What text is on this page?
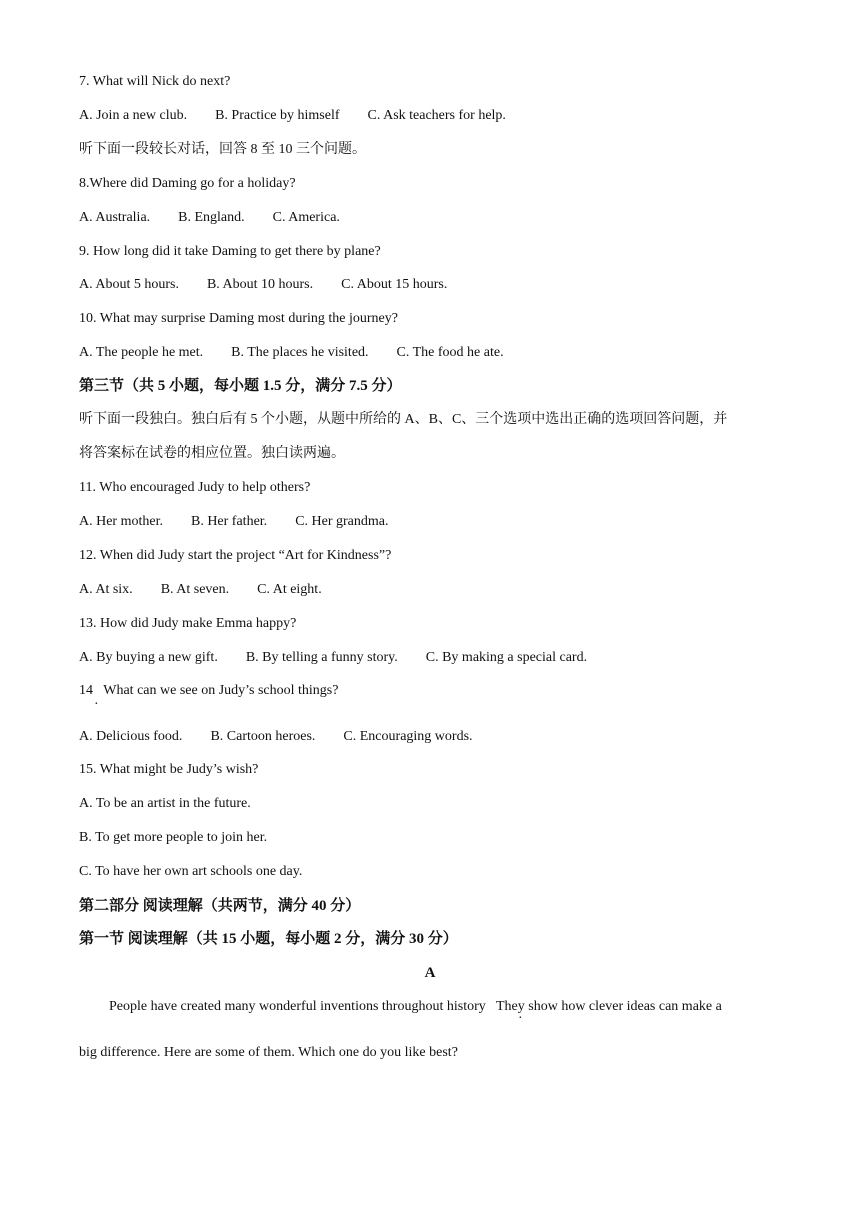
7. What will Nick do next?
A. Join a new club. B. Practice by himself C. Ask teachers for help.
听下面一段较长对话，回答 8 至 10 三个问题。
8.Where did Daming go for a holiday?
A. Australia. B. England. C. America.
9. How long did it take Daming to get there by plane?
A. About 5 hours. B. About 10 hours. C. About 15 hours.
10. What may surprise Daming most during the journey?
A. The people he met. B. The places he visited. C. The food he ate.
第三节（共 5 小题，每小题 1.5 分，满分 7.5 分）
听下面一段独白。独白后有 5 个小题，从题中所给的 A、B、C、三个选项中选出正确的选项回答问题，并
将答案标在试卷的相应位置。独白读两遍。
11. Who encouraged Judy to help others?
A. Her mother. B. Her father. C. Her grandma.
12. When did Judy start the project “Art for Kindness”?
A. At six. B. At seven. C. At eight.
13. How did Judy make Emma happy?
A. By buying a new gift. B. By telling a funny story. C. By making a special card.
14   What can we see on Judy’s school things?
·
A. Delicious food. B. Cartoon heroes. C. Encouraging words.
15. What might be Judy’s wish?
A. To be an artist in the future.
B. To get more people to join her.
C. To have her own art schools one day.
第二部分 阅读理解（共两节，满分 40 分）
第一节 阅读理解（共 15 小题，每小题 2 分，满分 30 分）
A
People have created many wonderful inventions throughout history   They show how clever ideas can make a
·
big difference. Here are some of them. Which one do you like best?
